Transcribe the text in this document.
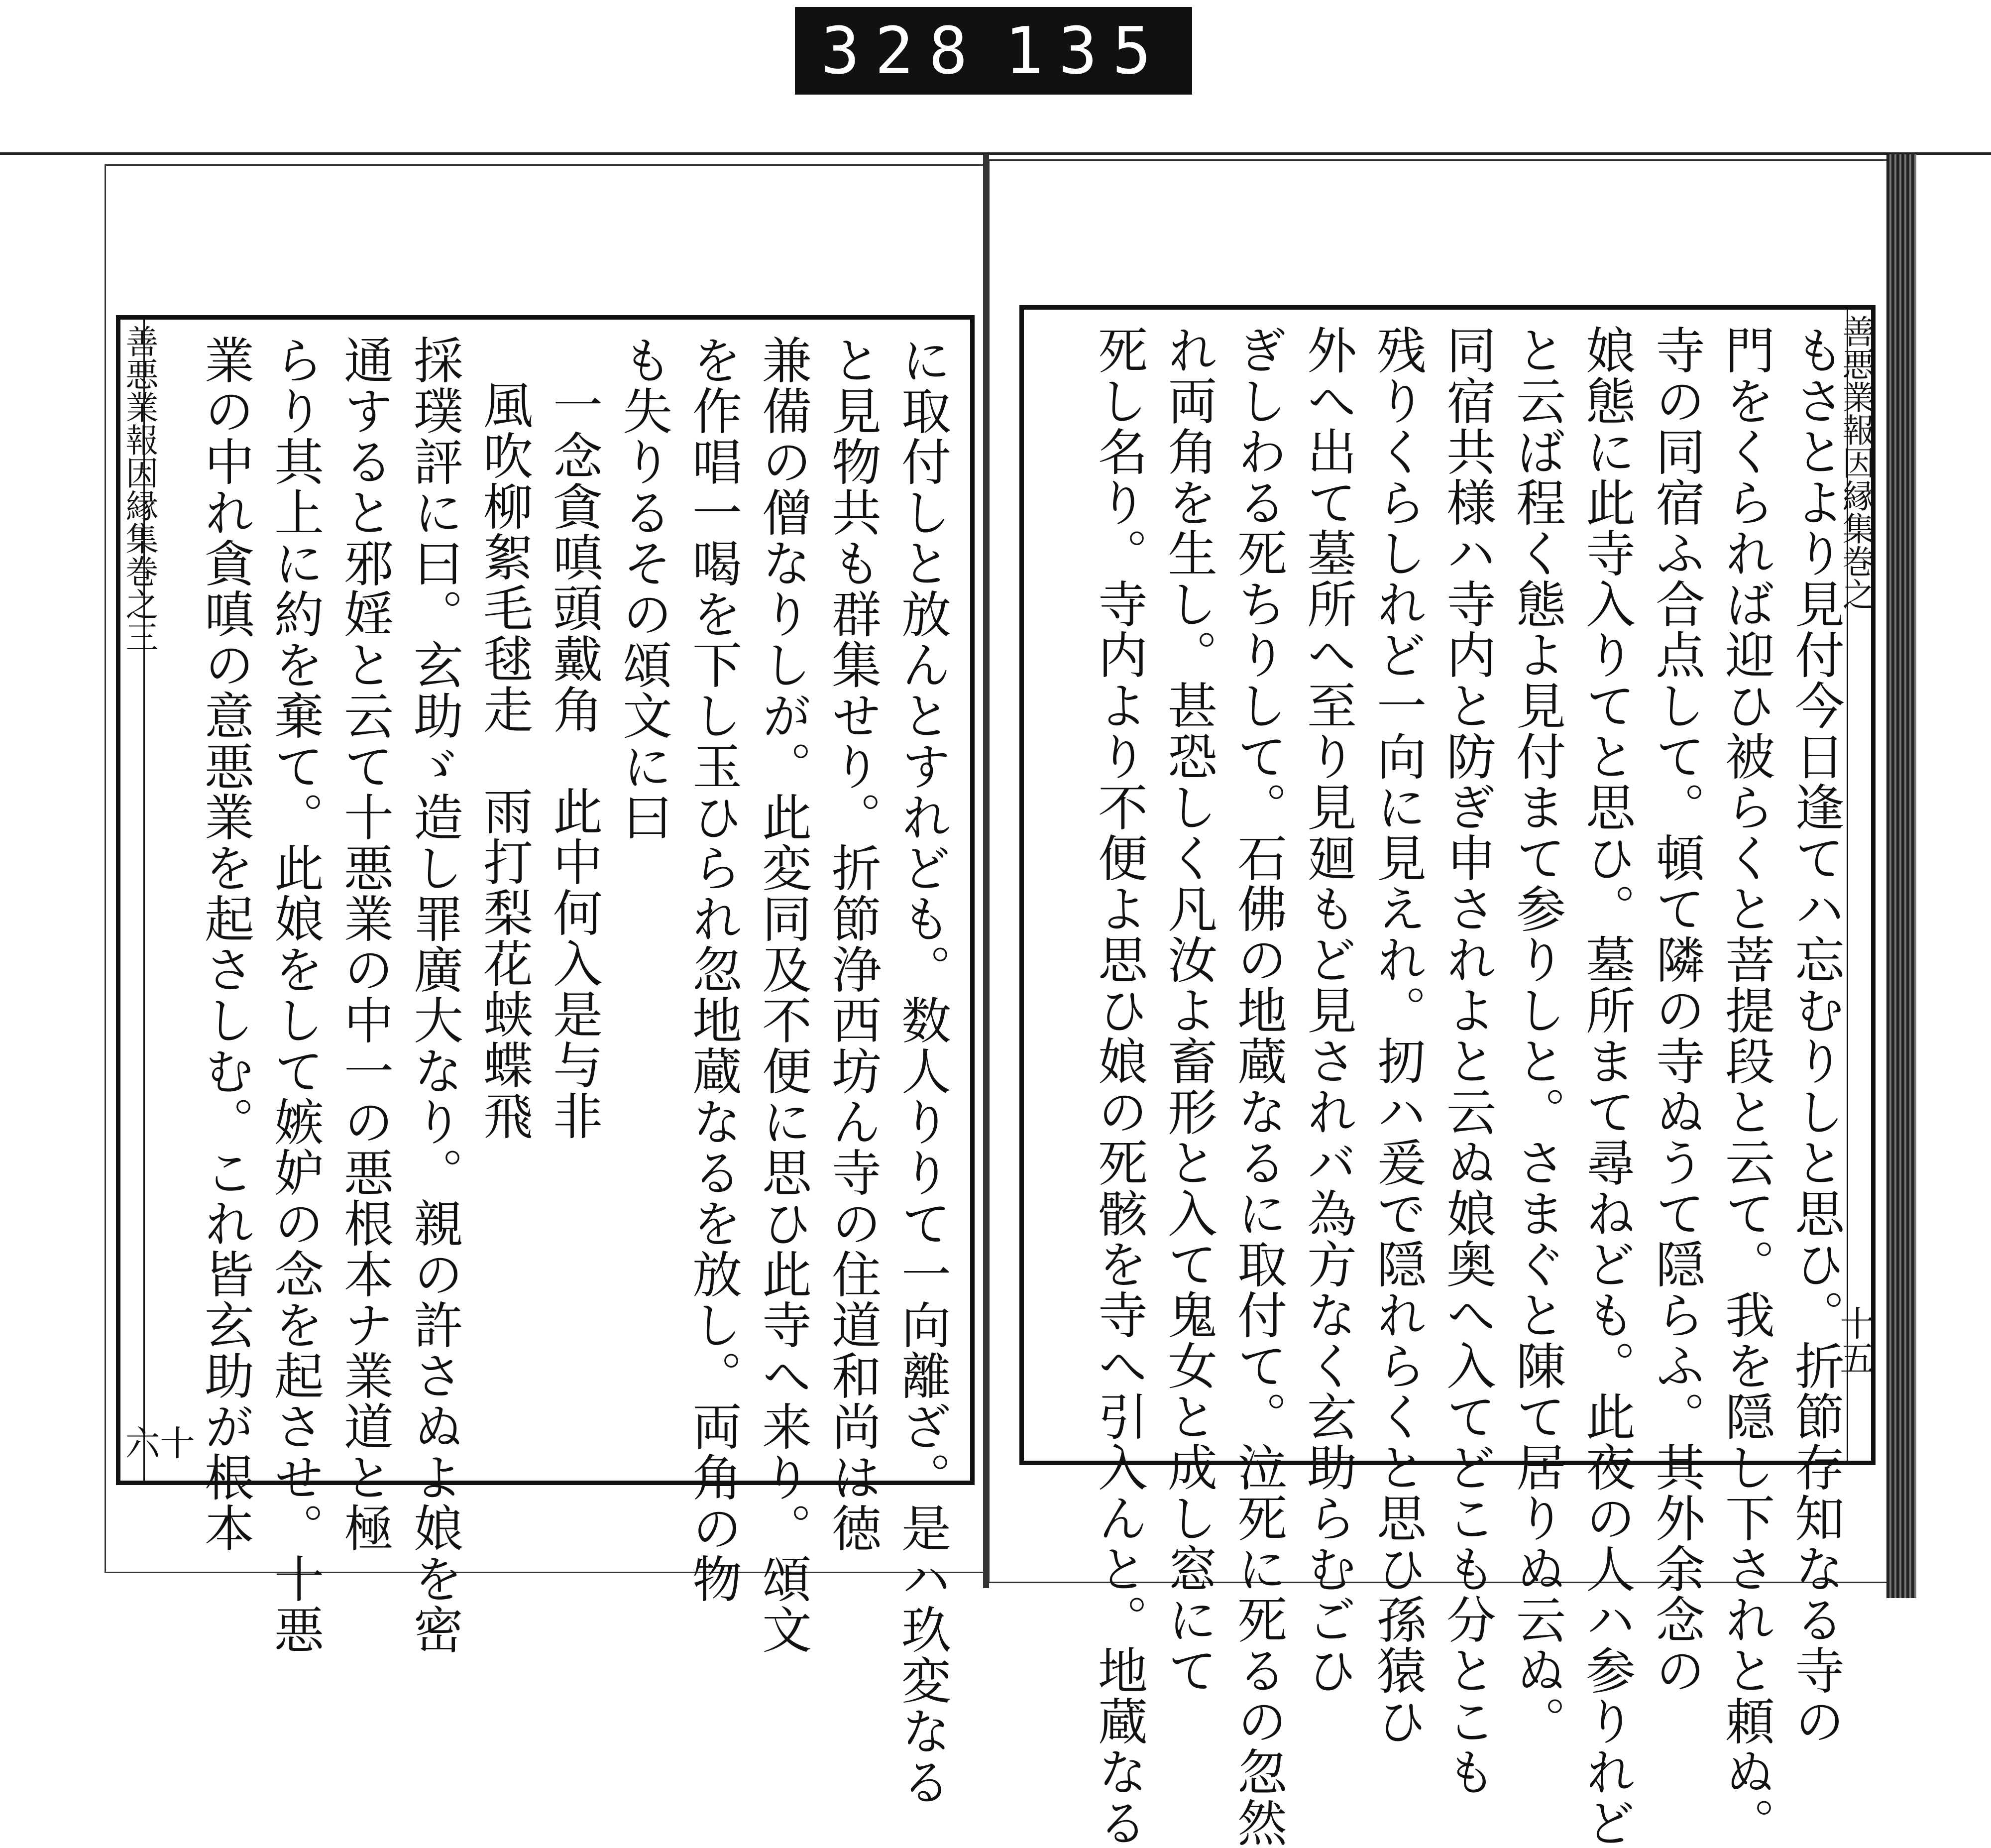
328 135
善悪業報因縁集巻之三
十六	に取付しと放んとすれども。数人りりて一向離ざ。是ハ玖変なる
と見物共も群集せり。折節浄西坊ん寺の住道和尚は徳
兼備の僧なりしが。此変同及不便に思ひ此寺へ来り。頌文
を作唱一喝を下し玉ひられ忽地蔵なるを放し。両角の物
も失りるその頌文に曰
一念貪嗔頭戴角　此中何入是与非
風吹柳絮毛毬走　雨打梨花蛱蝶飛
採璞評に曰。玄助ゞ造し罪廣大なり。親の許さぬよ娘を密
通すると邪婬と云て十悪業の中一の悪根本ナ業道と極
らり其上に約を棄て。此娘をして嫉妒の念を起させ。十悪
業の中れ貪嗔の意悪業を起さしむ。これ皆玄助が根本	善悪業報因縁集巻之
十五
もさとより見付今日逢てハ忘むりしと思ひ。折節存知なる寺の
門をくられば迎ひ被らくと菩提段と云て。我を隠し下されと頼ぬ。
寺の同宿ふ合点して。頓て隣の寺ぬうて隠らふ。其外余念の
娘態に此寺入りてと思ひ。墓所まて尋ねども。此夜の人ハ参りれど
と云ば程く態よ見付まて参りしと。さまぐと陳て居りぬ云ぬ。
同宿共様ハ寺内と防ぎ申されよと云ぬ娘奥へ入てどこも分とこも
残りくらしれど一向に見えれ。扨ハ爰で隠れらくと思ひ孫猿ひ
外へ出て墓所へ至り見廻もど見されバ為方なく玄助らむごひ
ぎしわる死ちりして。石佛の地蔵なるに取付て。泣死に死るの忽然
れ両角を生し。甚恐しく凡汝よ畜形と入て鬼女と成し窓にて
死し名り。寺内より不便よ思ひ娘の死骸を寺へ引入んと。地蔵なる
